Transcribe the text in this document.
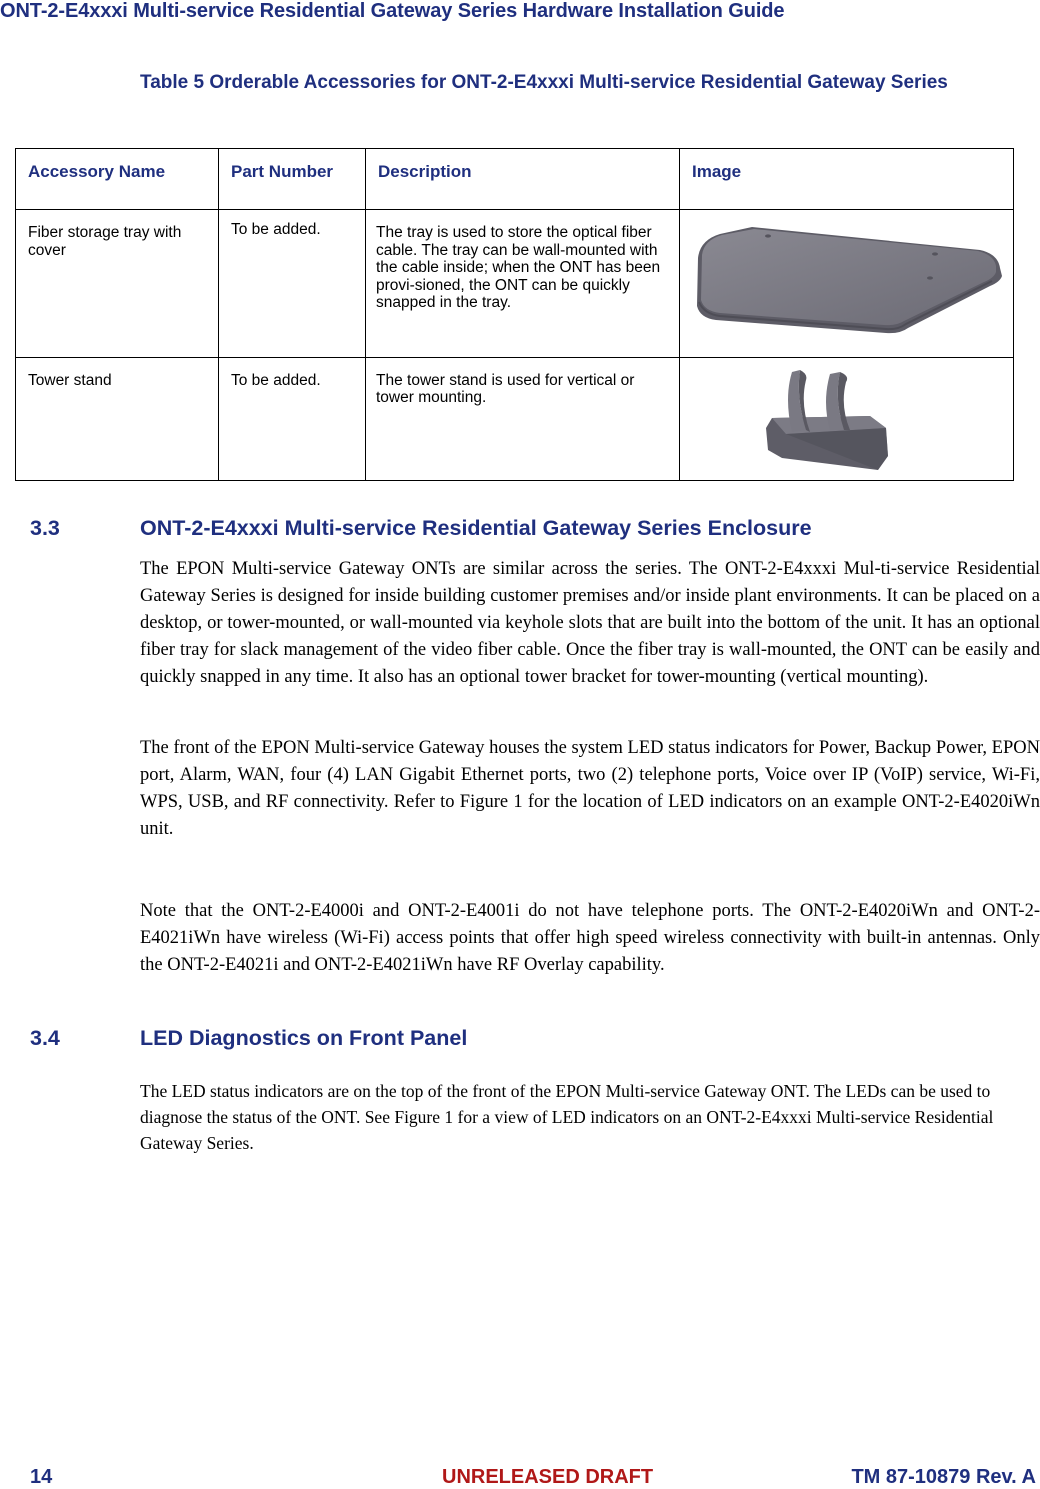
ONT-2-E4xxxi Multi-service Residential Gateway Series Hardware Installation Guide
Table 5 Orderable Accessories for ONT-2-E4xxxi Multi-service Residential Gateway Series
Accessory Name	Part Number	Description	Image
Fiber storage tray with cover	To be added.	The tray is used to store the optical fiber cable. The tray can be wall-mounted with the cable inside; when the ONT has been provi-sioned, the ONT can be quickly snapped in the tray.	
Tower stand	To be added.	The tower stand is used for vertical or tower mounting.	
3.3	ONT-2-E4xxxi Multi-service Residential Gateway Series Enclosure

The EPON Multi-service Gateway ONTs are similar across the series. The ONT-2-E4xxxi Mul-ti-service Residential Gateway Series is designed for inside building customer premises and/or inside plant environments. It can be placed on a desktop, or tower-mounted, or wall-mounted via keyhole slots that are built into the bottom of the unit. It has an optional fiber tray for slack management of the video fiber cable. Once the fiber tray is wall-mounted, the ONT can be easily and quickly snapped in any time. It also has an optional tower bracket for tower-mounting (vertical mounting).

The front of the EPON Multi-service Gateway houses the system LED status indicators for Power, Backup Power, EPON port, Alarm, WAN, four (4) LAN Gigabit Ethernet ports, two (2) telephone ports, Voice over IP (VoIP) service, Wi-Fi, WPS, USB, and RF connectivity. Refer to Figure 1 for the location of LED indicators on an example ONT-2-E4020iWn unit.

Note that the ONT-2-E4000i and ONT-2-E4001i do not have telephone ports. The ONT-2-E4020iWn and ONT-2-E4021iWn have wireless (Wi-Fi) access points that offer high speed wireless connectivity with built-in antennas. Only the ONT-2-E4021i and ONT-2-E4021iWn have RF Overlay capability.

3.4	LED Diagnostics on Front Panel

The LED status indicators are on the top of the front of the EPON Multi-service Gateway ONT. The LEDs can be used to diagnose the status of the ONT. See Figure 1 for a view of LED indicators on an ONT-2-E4xxxi Multi-service Residential Gateway Series.

14	UNRELEASED DRAFT	TM 87-10879 Rev. A
